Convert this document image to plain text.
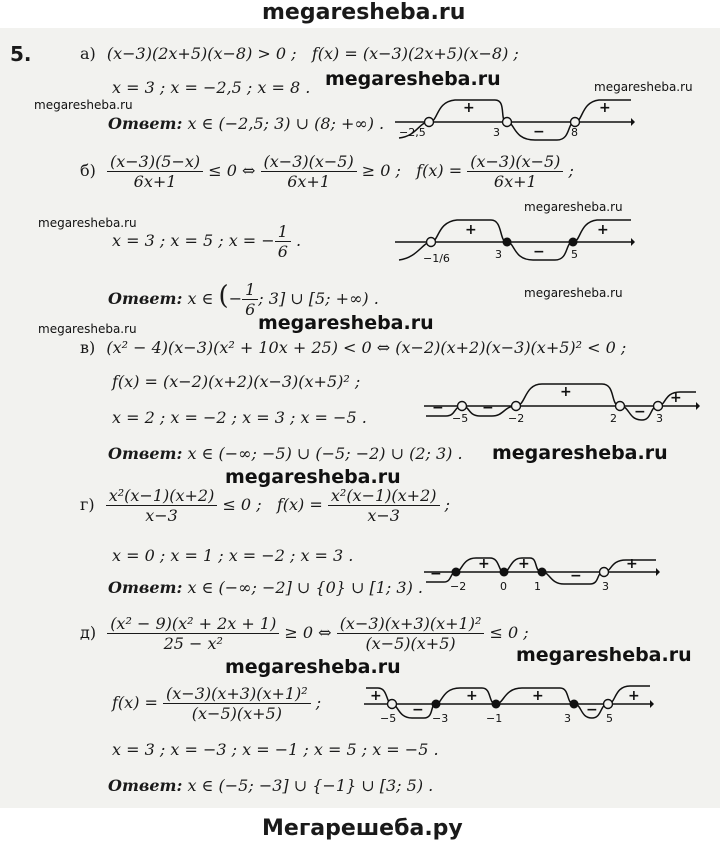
megaresheba.ru
5.	а) (x−3)(2x+5)(x−8) > 0 ; f(x) = (x−3)(2x+5)(x−8) ;
x = 3 ; x = −2,5 ; x = 8 . megaresheba.ru	megaresheba.ru
megaresheba.ru
Ответ: x ∈ (−2,5; 3) ∪ (8; +∞) . −2,5	3	8
+
−
+
$б) \frac{(x-3)(5-x)}{6x+1} \le 0$ ⇔ $\frac{(x-3)(x-5)}{6x+1} \ge 0$ ; $f(x) = \frac{(x-3)(x-5)}{6x+1}$ ;
megaresheba.ru
megaresheba.ru
x = 3 ; x = 5 ; x = − $\frac{1}{6}$ .
−1/6	3	5
+
−
+
megaresheba.ru
Ответ: x ∈ (− $\frac{1}{6}$ ; 3] ∪ [5; +∞) .
megaresheba.ru
megaresheba.ru
в) (x² − 4)(x−3)(x² + 10x + 25) < 0 ⇔ (x−2)(x+2)(x−3)(x+5)² < 0 ;
f(x) = (x−2)(x+2)(x−3)(x+5)² ;
x = 2 ; x = −2 ; x = 3 ; x = −5 .	−5	−2	2	3
−	−
+
−
+
Ответ: x ∈ (−∞; −5) ∪ (−5; −2) ∪ (2; 3) . megaresheba.ru
megaresheba.ru
$г) \frac{\text{x²(x−1)(x+2)}}{x-3} \le 0$ ; $f(x) = \frac{\text{x²(x−1)(x+2)}}{x-3}$ ;
x = 0 ; x = 1 ; x = −2 ; x = 3 .
−2	0 1	3
−
+ +
−
+
Ответ: x ∈ (−∞; −2] ∪ {0} ∪ [1; 3) .
$д) \frac{\text{(x² − 9)(x² + 2x + 1)}}{\text{25 − x²}} \ge 0$ ⇔ $\frac{\text{(x−3)(x+3)(x+1)²}}{(x-5)(x+5)} \le 0$ ;
megaresheba.ru
megaresheba.ru
$f(x) = \frac{\text{(x−3)(x+3)(x+1)²}}{(x-5)(x+5)}$ ;
−5	−3	−1	3	5
+
−
+	+
−
+
x = 3 ; x = −3 ; x = −1 ; x = 5 ; x = −5 .
Ответ: x ∈ (−5; −3] ∪ {−1} ∪ [3; 5) .
Мегарешеба.ру
